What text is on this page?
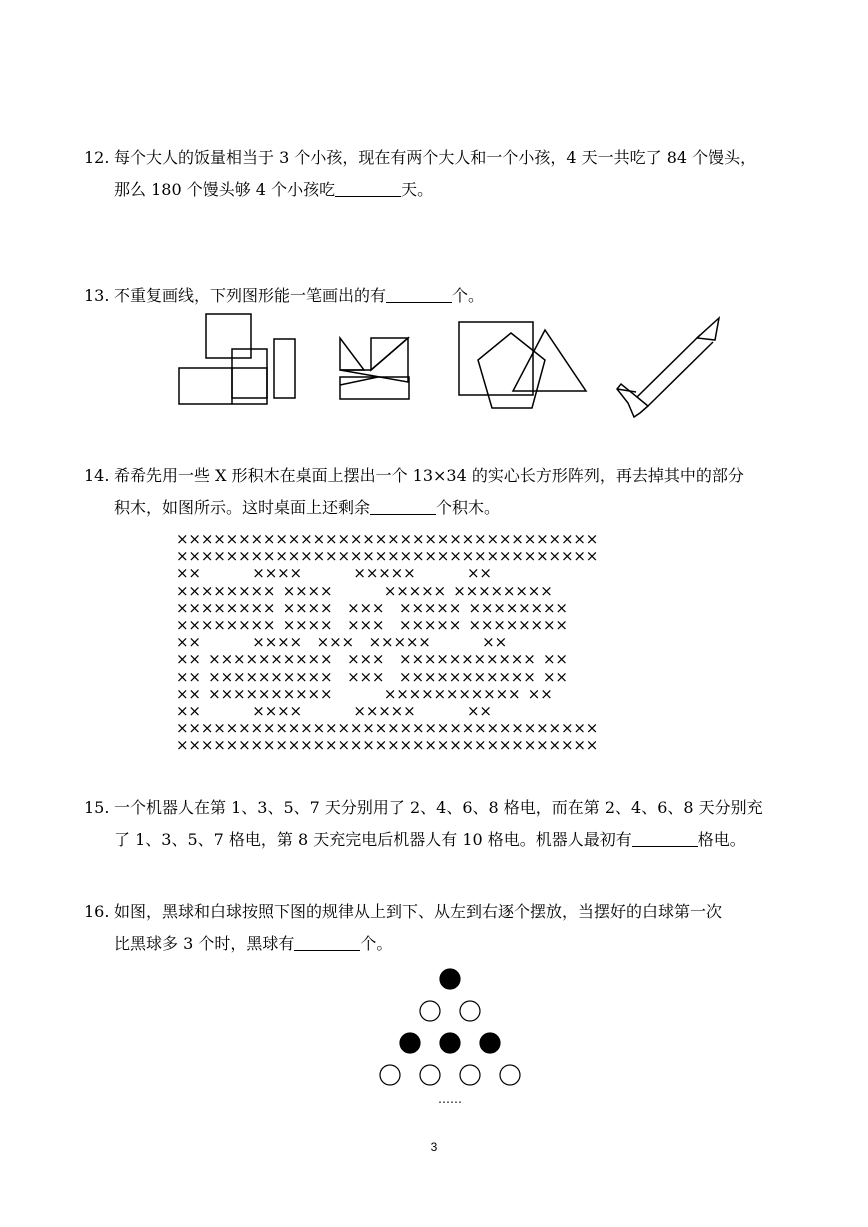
12. 每个大人的饭量相当于 3 个小孩，现在有两个大人和一个小孩，4 天一共吃了 84 个馒头，
那么 180 个馒头够 4 个小孩吃	天。
13. 不重复画线，下列图形能一笔画出的有	个。
14. 希希先用一些 X 形积木在桌面上摆出一个 13×34 的实心长方形阵列，再去掉其中的部分
积木，如图所示。这时桌面上还剩余	个积木。
××××××××××××××××××××××××××××××××××
××××××××××××××××××××××××××××××××××
××       ××××       ×××××       ××
×××××××× ××××       ××××× ××××××××
×××××××× ××××  ×××  ××××× ××××××××
×××××××× ××××  ×××  ××××× ××××××××
××       ××××  ×××  ×××××       ××
×× ××××××××××  ×××  ××××××××××× ××
×× ××××××××××  ×××  ××××××××××× ××
×× ××××××××××       ××××××××××× ××
××       ××××       ×××××       ××
××××××××××××××××××××××××××××××××××
××××××××××××××××××××××××××××××××××
15. 一个机器人在第 1、3、5、7 天分别用了 2、4、6、8 格电，而在第 2、4、6、8 天分别充
了 1、3、5、7 格电，第 8 天充完电后机器人有 10 格电。机器人最初有	格电。
16. 如图，黑球和白球按照下图的规律从上到下、从左到右逐个摆放，当摆好的白球第一次
比黑球多 3 个时，黑球有	个。
……
3
